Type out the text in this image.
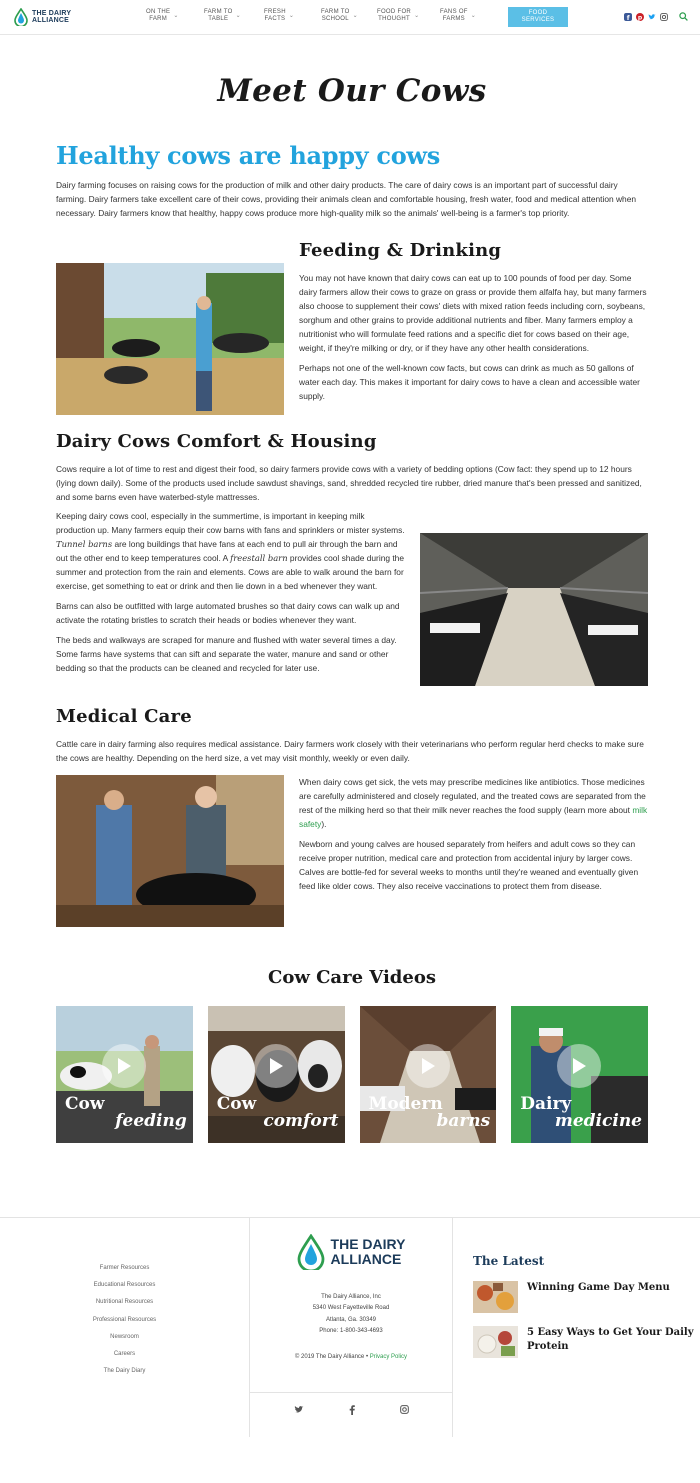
THE DAIRY
ALLIANCE
ON THE
FARM
⌄
FARM TO
TABLE
⌄
FRESH
FACTS
⌄
FARM TO
SCHOOL
⌄
FOOD FOR
THOUGHT
⌄
FANS OF
FARMS
⌄	FOOD
SERVICES	f p
Meet Our Cows
Healthy cows are happy cows

Dairy farming focuses on raising cows for the production of milk and other dairy products. The care of dairy cows is an important part of successful dairy farming. Dairy farmers take excellent care of their cows, providing their animals clean and comfortable housing, fresh water, food and medical attention when necessary. Dairy farmers know that healthy, happy cows produce more high-quality milk so the animals' well-being is a farmer's top priority.

Feeding & Drinking

You may not have known that dairy cows can eat up to 100 pounds of food per day. Some dairy farmers allow their cows to graze on grass or provide them alfalfa hay, but many farmers also choose to supplement their cows' diets with mixed ration feeds including corn, soybeans, sorghum and other grains to provide additional nutrients and fiber. Many farmers employ a nutritionist who will formulate feed rations and a specific diet for cows based on their age, weight, if they're milking or dry, or if they have any other health considerations.

Perhaps not one of the well-known cow facts, but cows can drink as much as 50 gallons of water each day. This makes it important for dairy cows to have a clean and accessible water supply.

Dairy Cows Comfort & Housing

Cows require a lot of time to rest and digest their food, so dairy farmers provide cows with a variety of bedding options (Cow fact: they spend up to 12 hours (lying down daily). Some of the products used include sawdust shavings, sand, shredded recycled tire rubber, dried manure that's been pressed and sanitized, and some barns even have waterbed-style mattresses.

Keeping dairy cows cool, especially in the summertime, is important in keeping milk production up. Many farmers equip their cow barns with fans and sprinklers or mister systems. Tunnel barns are long buildings that have fans at each end to pull air through the barn and out the other end to keep temperatures cool. A freestall barn provides cool shade during the summer and protection from the rain and elements. Cows are able to walk around the barn for exercise, get something to eat or drink and then lie down in a bed whenever they want.

Barns can also be outfitted with large automated brushes so that dairy cows can walk up and activate the rotating bristles to scratch their heads or bodies whenever they want.

The beds and walkways are scraped for manure and flushed with water several times a day. Some farms have systems that can sift and separate the water, manure and sand or other bedding so that the products can be cleaned and recycled for later use.

Medical Care

Cattle care in dairy farming also requires medical assistance. Dairy farmers work closely with their veterinarians who perform regular herd checks to make sure the cows are healthy. Depending on the herd size, a vet may visit monthly, weekly or even daily.

When dairy cows get sick, the vets may prescribe medicines like antibiotics. Those medicines are carefully administered and closely regulated, and the treated cows are separated from the rest of the milking herd so that their milk never reaches the food supply (learn more about milk safety).

Newborn and young calves are housed separately from heifers and adult cows so they can receive proper nutrition, medical care and protection from accidental injury by larger cows. Calves are bottle-fed for several weeks to months until they're weaned and eventually given feed like older cows. They also receive vaccinations to protect them from disease.

Cow Care Videos
Cow
feeding
Cow
comfort
Modern
barns
Dairy
medicine
Farmer Resources
Educational Resources
Nutritional Resources
Professional Resources
Newsroom
Careers
The Dairy Diary
THE DAIRY
ALLIANCE
The Dairy Alliance, Inc
5340 West Fayetteville Road
Atlanta, Ga. 30349
Phone: 1-800-343-4693
© 2019 The Dairy Alliance • Privacy Policy
The Latest
Winning Game Day Menu
5 Easy Ways to Get Your Daily Protein
